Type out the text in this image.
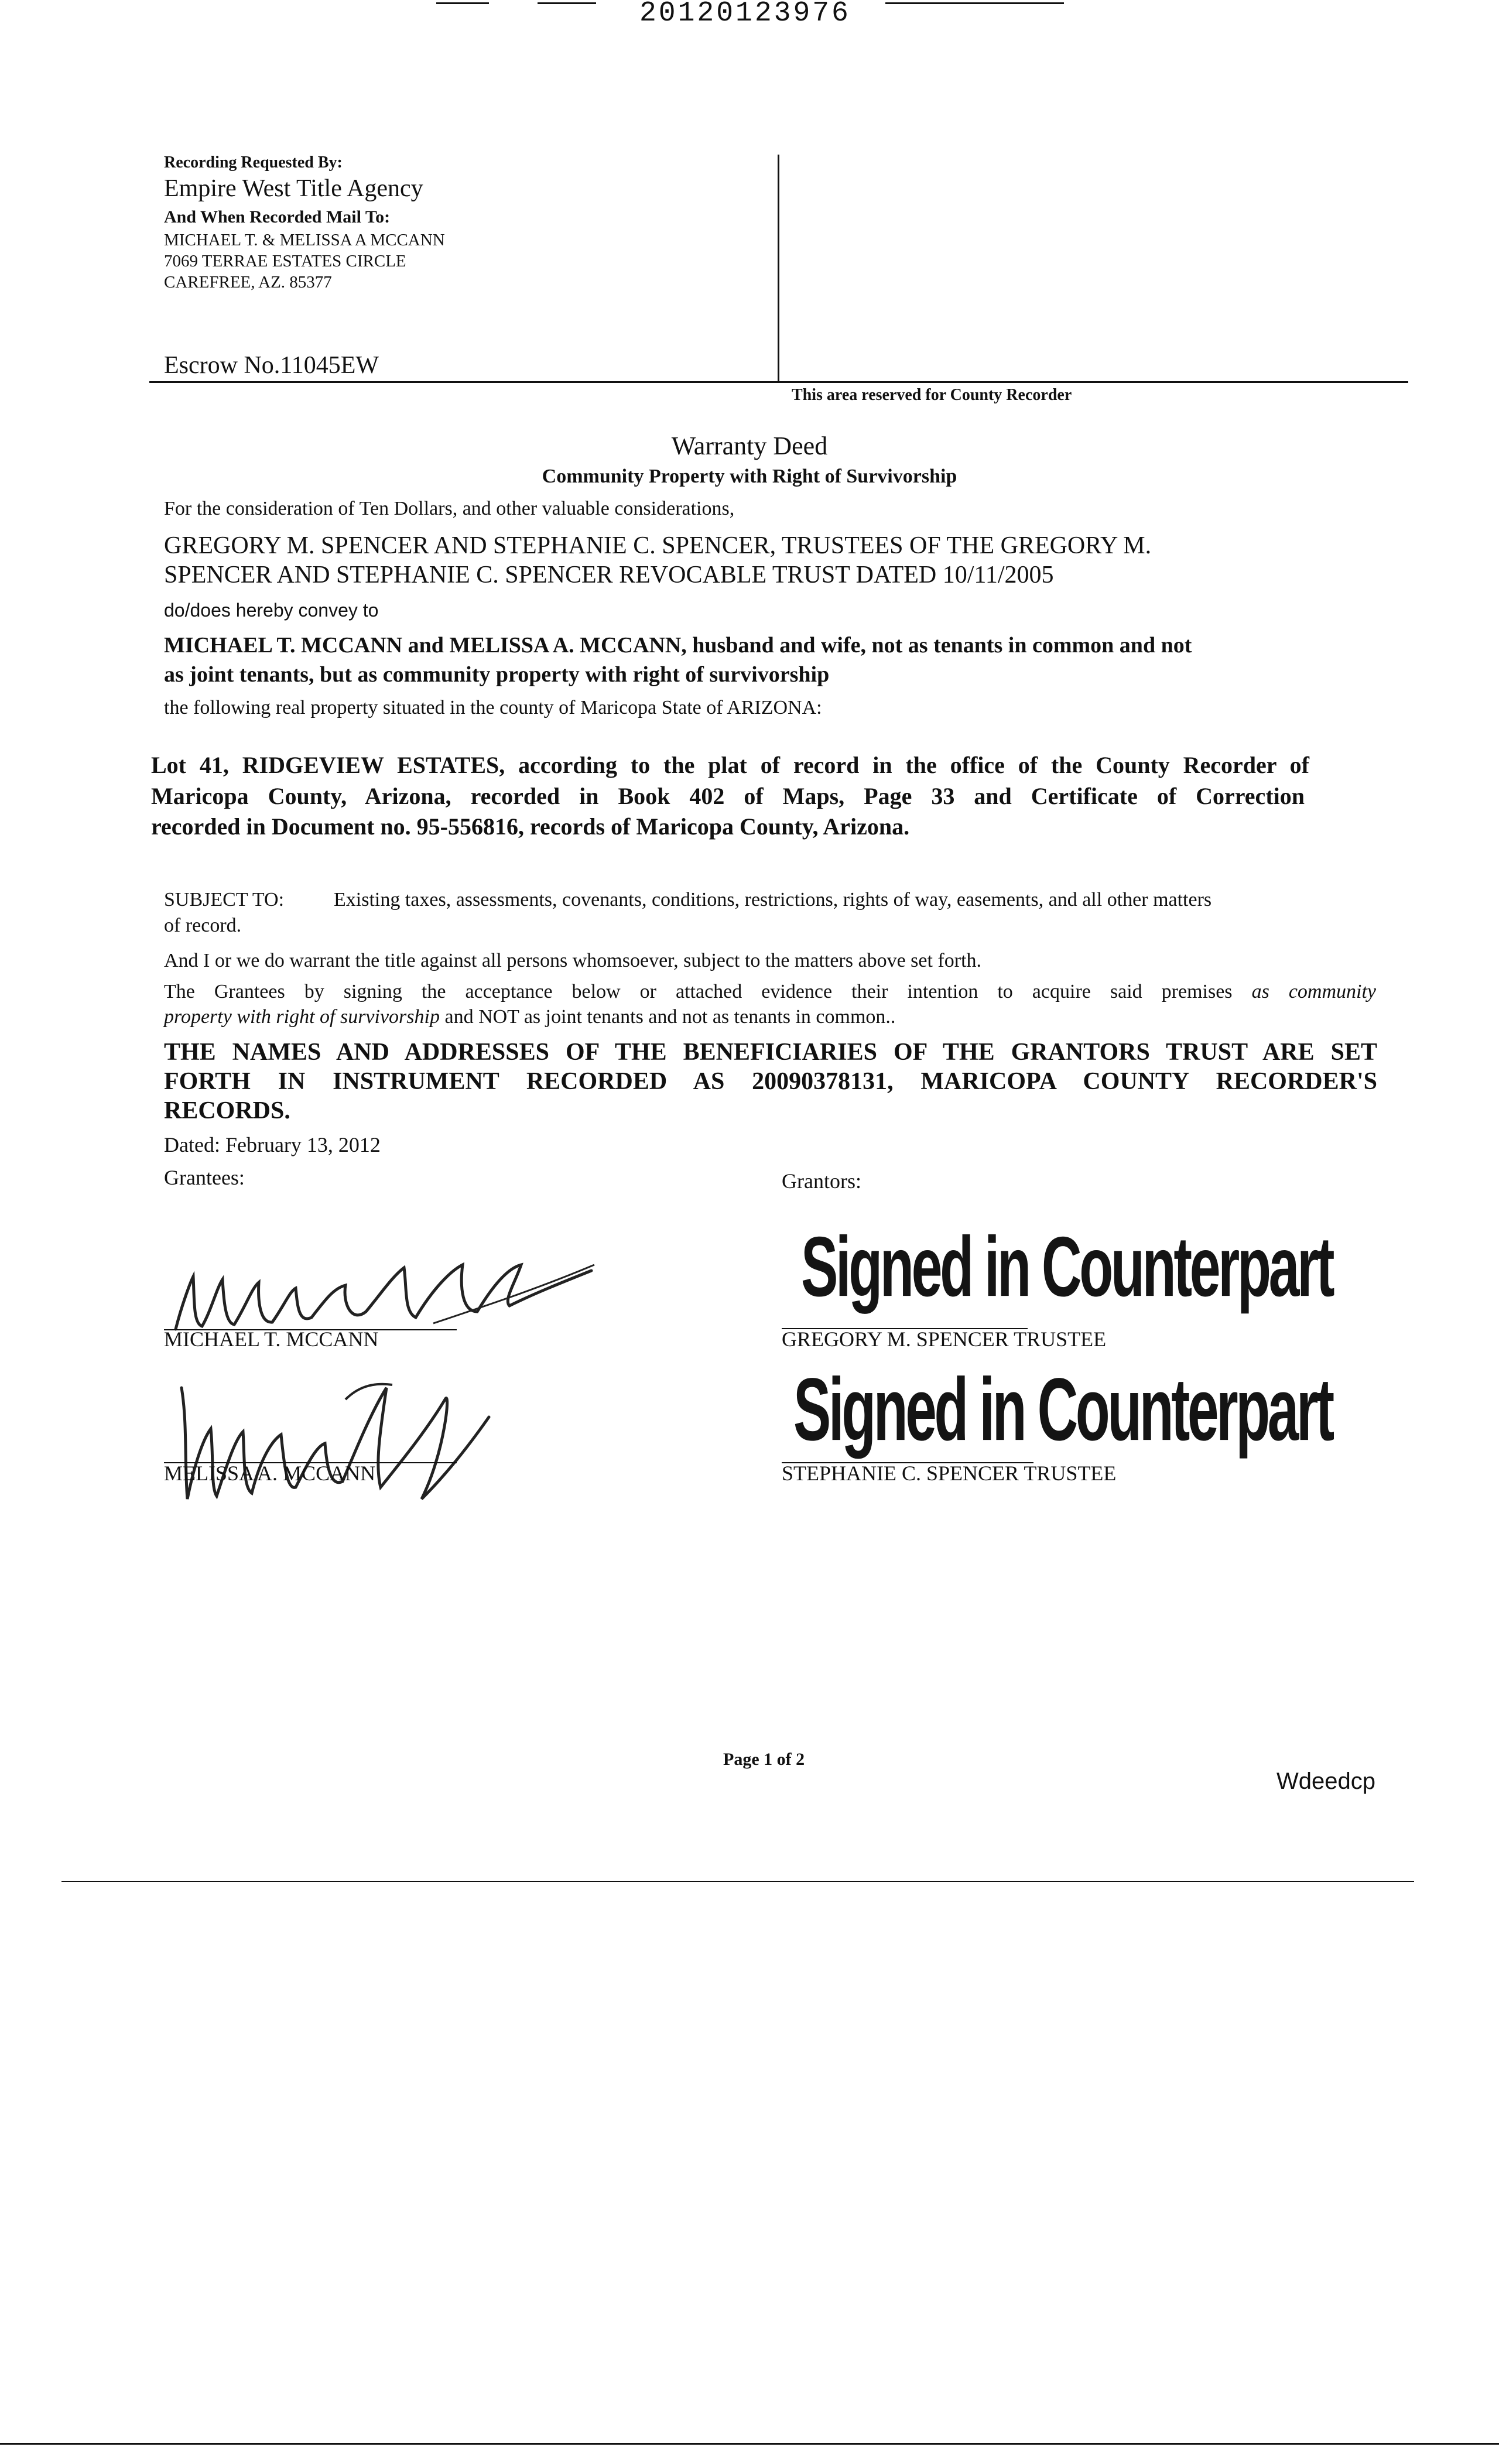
20120123976
Recording Requested By:
Empire West Title Agency
And When Recorded Mail To:
MICHAEL T. & MELISSA A MCCANN
7069 TERRAE ESTATES CIRCLE
CAREFREE, AZ. 85377
Escrow No.11045EW
This area reserved for County Recorder
Warranty Deed
Community Property with Right of Survivorship
For the consideration of Ten Dollars, and other valuable considerations,
GREGORY M. SPENCER AND STEPHANIE C. SPENCER, TRUSTEES OF THE GREGORY M.
SPENCER AND STEPHANIE C. SPENCER REVOCABLE TRUST DATED 10/11/2005
do/does hereby convey to
MICHAEL T. MCCANN and MELISSA A. MCCANN, husband and wife, not as tenants in common and not
as joint tenants, but as community property with right of survivorship
the following real property situated in the county of Maricopa State of ARIZONA:
Lot 41, RIDGEVIEW ESTATES, according to the plat of record in the office of the County Recorder of
Maricopa County, Arizona, recorded in Book 402 of Maps, Page 33 and Certificate of Correction
recorded in Document no. 95-556816, records of Maricopa County, Arizona.
SUBJECT TO: Existing taxes, assessments, covenants, conditions, restrictions, rights of way, easements, and all other matters
of record.
And I or we do warrant the title against all persons whomsoever, subject to the matters above set forth.
The Grantees by signing the acceptance below or attached evidence their intention to acquire said premises as community
property with right of survivorship and NOT as joint tenants and not as tenants in common..
THE NAMES AND ADDRESSES OF THE BENEFICIARIES OF THE GRANTORS TRUST ARE SET
FORTH IN INSTRUMENT RECORDED AS 20090378131, MARICOPA COUNTY RECORDER'S
RECORDS.
Dated: February 13, 2012
Grantees:	Grantors:
MICHAEL T. MCCANN
MELISSA A. MCCANN
Signed in Counterpart
GREGORY M. SPENCER TRUSTEE
Signed in Counterpart
STEPHANIE C. SPENCER TRUSTEE
Page 1 of 2
Wdeedcp
